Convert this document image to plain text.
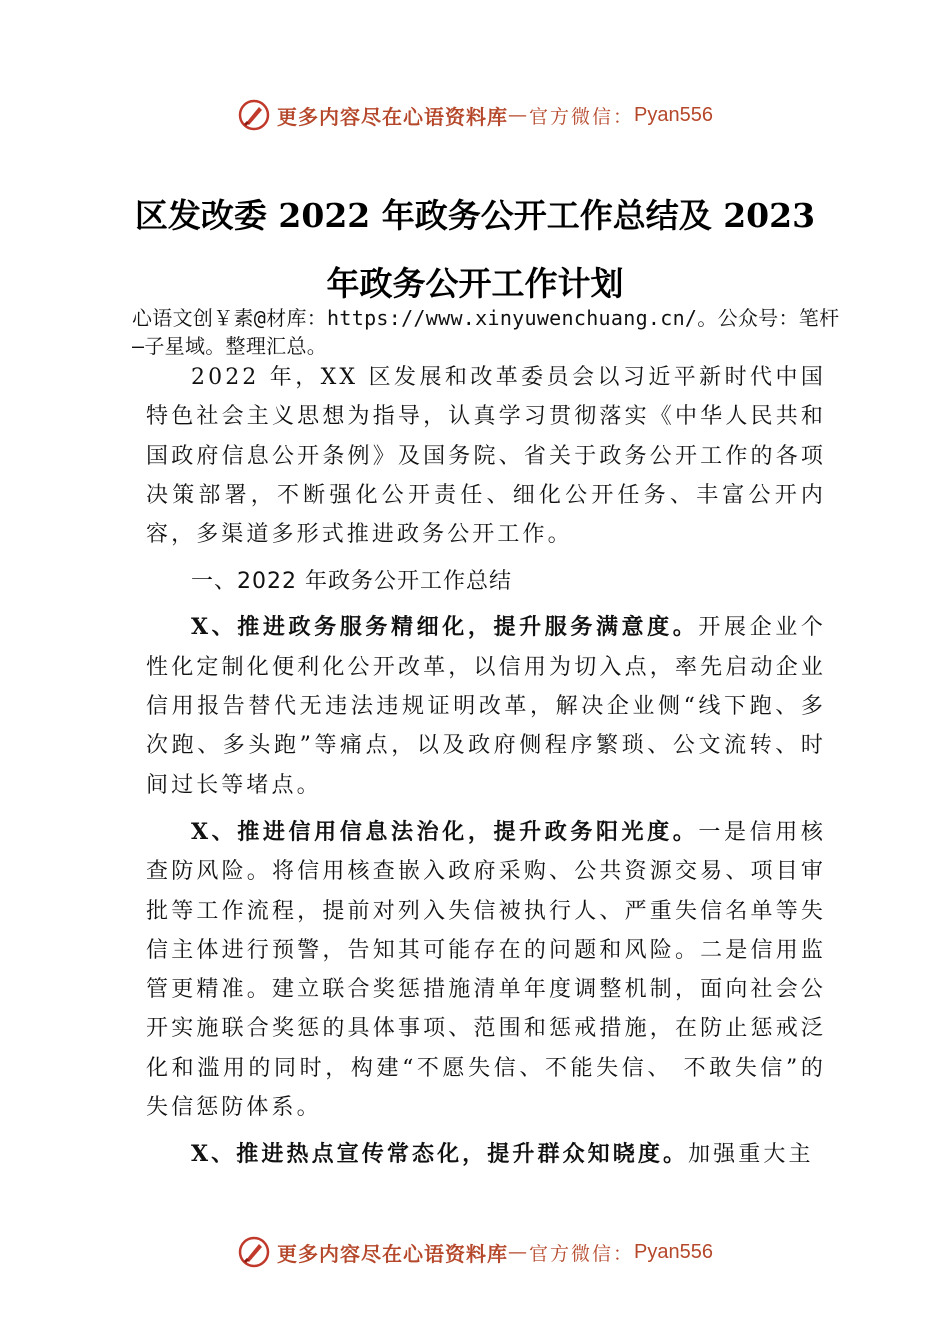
更多内容尽在心语资料库 — 官方微信： Pyan556
区发改委 2022 年政务公开工作总结及 2023
年政务公开工作计划

心语文创￥素@材库：https://www.xinyuwenchuang.cn/。公众号：笔杆—子星域。整理汇总。

2022 年，XX 区发展和改革委员会以习近平新时代中国特色社会主义思想为指导，认真学习贯彻落实《中华人民共和国政府信息公开条例》及国务院、省关于政务公开工作的各项决策部署，不断强化公开责任、细化公开任务、丰富公开内容，多渠道多形式推进政务公开工作。

一、2022 年政务公开工作总结

X、推进政务服务精细化，提升服务满意度。开展企业个性化定制化便利化公开改革，以信用为切入点，率先启动企业信用报告替代无违法违规证明改革，解决企业侧“线下跑、多次跑、多头跑”等痛点，以及政府侧程序繁琐、公文流转、时间过长等堵点。

X、推进信用信息法治化，提升政务阳光度。一是信用核查防风险。将信用核查嵌入政府采购、公共资源交易、项目审批等工作流程，提前对列入失信被执行人、严重失信名单等失信主体进行预警，告知其可能存在的问题和风险。二是信用监管更精准。建立联合奖惩措施清单年度调整机制，面向社会公开实施联合奖惩的具体事项、范围和惩戒措施，在防止惩戒泛化和滥用的同时，构建“不愿失信、不能失信、 不敢失信”的失信惩防体系。

X、推进热点宣传常态化，提升群众知晓度。加强重大主

更多内容尽在心语资料库 — 官方微信： Pyan556
